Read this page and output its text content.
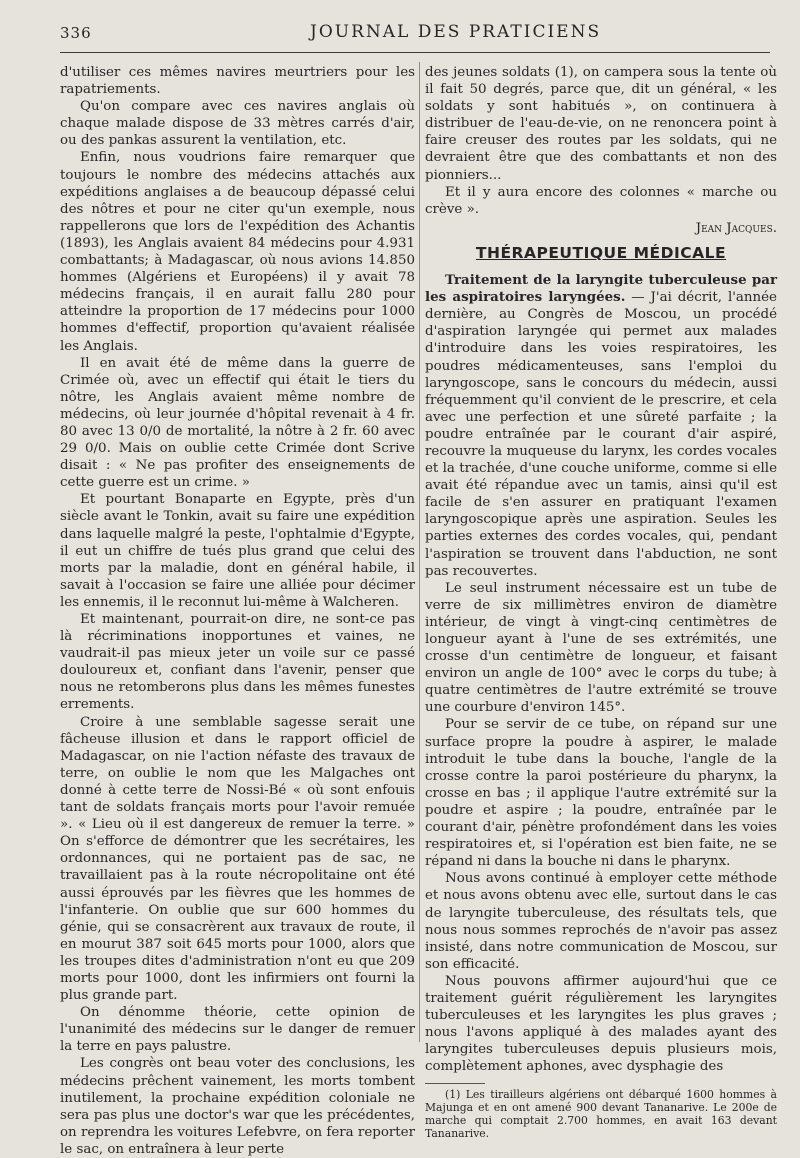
336	JOURNAL DES PRATICIENS

d'utiliser ces mêmes navires meurtriers pour les rapatriements.

Qu'on compare avec ces navires anglais où chaque malade dispose de 33 mètres carrés d'air, ou des pankas assurent la ventilation, etc.

Enfin, nous voudrions faire remarquer que toujours le nombre des médecins attachés aux expéditions anglaises a de beaucoup dépassé celui des nôtres et pour ne citer qu'un exemple, nous rappellerons que lors de l'expédition des Achantis (1893), les Anglais avaient 84 médecins pour 4.931 combattants; à Madagascar, où nous avions 14.850 hommes (Algériens et Européens) il y avait 78 médecins français, il en aurait fallu 280 pour atteindre la proportion de 17 médecins pour 1000 hommes d'effectif, proportion qu'avaient réalisée les Anglais.

Il en avait été de même dans la guerre de Crimée où, avec un effectif qui était le tiers du nôtre, les Anglais avaient même nombre de médecins, où leur journée d'hôpital revenait à 4 fr. 80 avec 13 0/0 de mortalité, la nôtre à 2 fr. 60 avec 29 0/0. Mais on oublie cette Crimée dont Scrive disait : « Ne pas profiter des enseignements de cette guerre est un crime. »

Et pourtant Bonaparte en Egypte, près d'un siècle avant le Tonkin, avait su faire une expédition dans laquelle malgré la peste, l'ophtalmie d'Egypte, il eut un chiffre de tués plus grand que celui des morts par la maladie, dont en général habile, il savait à l'occasion se faire une alliée pour décimer les ennemis, il le reconnut lui-même à Walcheren.

Et maintenant, pourrait-on dire, ne sont-ce pas là récriminations inopportunes et vaines, ne vaudrait-il pas mieux jeter un voile sur ce passé douloureux et, confiant dans l'avenir, penser que nous ne retomberons plus dans les mêmes funestes errements.

Croire à une semblable sagesse serait une fâcheuse illusion et dans le rapport officiel de Madagascar, on nie l'action néfaste des travaux de terre, on oublie le nom que les Malgaches ont donné à cette terre de Nossi-Bé « où sont enfouis tant de soldats français morts pour l'avoir remuée ». « Lieu où il est dangereux de remuer la terre. » On s'efforce de démontrer que les secrétaires, les ordonnances, qui ne portaient pas de sac, ne travaillaient pas à la route nécropolitaine ont été aussi éprouvés par les fièvres que les hommes de l'infanterie. On oublie que sur 600 hommes du génie, qui se consacrèrent aux travaux de route, il en mourut 387 soit 645 morts pour 1000, alors que les troupes dites d'administration n'ont eu que 209 morts pour 1000, dont les infirmiers ont fourni la plus grande part.

On dénomme théorie, cette opinion de l'unanimité des médecins sur le danger de remuer la terre en pays palustre.

Les congrès ont beau voter des conclusions, les médecins prêchent vainement, les morts tombent inutilement, la prochaine expédition coloniale ne sera pas plus une doctor's war que les précédentes, on reprendra les voitures Lefebvre, on fera reporter le sac, on entraînera à leur perte

des jeunes soldats (1), on campera sous la tente où il fait 50 degrés, parce que, dit un général, « les soldats y sont habitués », on continuera à distribuer de l'eau-de-vie, on ne renoncera point à faire creuser des routes par les soldats, qui ne devraient être que des combattants et non des pionniers...

Et il y aura encore des colonnes « marche ou crève ».

Jean Jacques.
THÉRAPEUTIQUE MÉDICALE

Traitement de la laryngite tuberculeuse par les aspiratoires laryngées. — J'ai décrit, l'année dernière, au Congrès de Moscou, un procédé d'aspiration laryngée qui permet aux malades d'introduire dans les voies respiratoires, les poudres médicamenteuses, sans l'emploi du laryngoscope, sans le concours du médecin, aussi fréquemment qu'il convient de le prescrire, et cela avec une perfection et une sûreté parfaite ; la poudre entraînée par le courant d'air aspiré, recouvre la muqueuse du larynx, les cordes vocales et la trachée, d'une couche uniforme, comme si elle avait été répandue avec un tamis, ainsi qu'il est facile de s'en assurer en pratiquant l'examen laryngoscopique après une aspiration. Seules les parties externes des cordes vocales, qui, pendant l'aspiration se trouvent dans l'abduction, ne sont pas recouvertes.

Le seul instrument nécessaire est un tube de verre de six millimètres environ de diamètre intérieur, de vingt à vingt-cinq centimètres de longueur ayant à l'une de ses extrémités, une crosse d'un centimètre de longueur, et faisant environ un angle de 100° avec le corps du tube; à quatre centimètres de l'autre extrémité se trouve une courbure d'environ 145°.

Pour se servir de ce tube, on répand sur une surface propre la poudre à aspirer, le malade introduit le tube dans la bouche, l'angle de la crosse contre la paroi postérieure du pharynx, la crosse en bas ; il applique l'autre extrémité sur la poudre et aspire ; la poudre, entraînée par le courant d'air, pénètre profondément dans les voies respiratoires et, si l'opération est bien faite, ne se répand ni dans la bouche ni dans le pharynx.

Nous avons continué à employer cette méthode et nous avons obtenu avec elle, surtout dans le cas de laryngite tuberculeuse, des résultats tels, que nous nous sommes reprochés de n'avoir pas assez insisté, dans notre communication de Moscou, sur son efficacité.

Nous pouvons affirmer aujourd'hui que ce traitement guérit régulièrement les laryngites tuberculeuses et les laryngites les plus graves ; nous l'avons appliqué à des malades ayant des laryngites tuberculeuses depuis plusieurs mois, complètement aphones, avec dysphagie des

(1) Les tirailleurs algériens ont débarqué 1600 hommes à Majunga et en ont amené 900 devant Tananarive. Le 200e de marche qui comptait 2.700 hommes, en avait 163 devant Tananarive.
